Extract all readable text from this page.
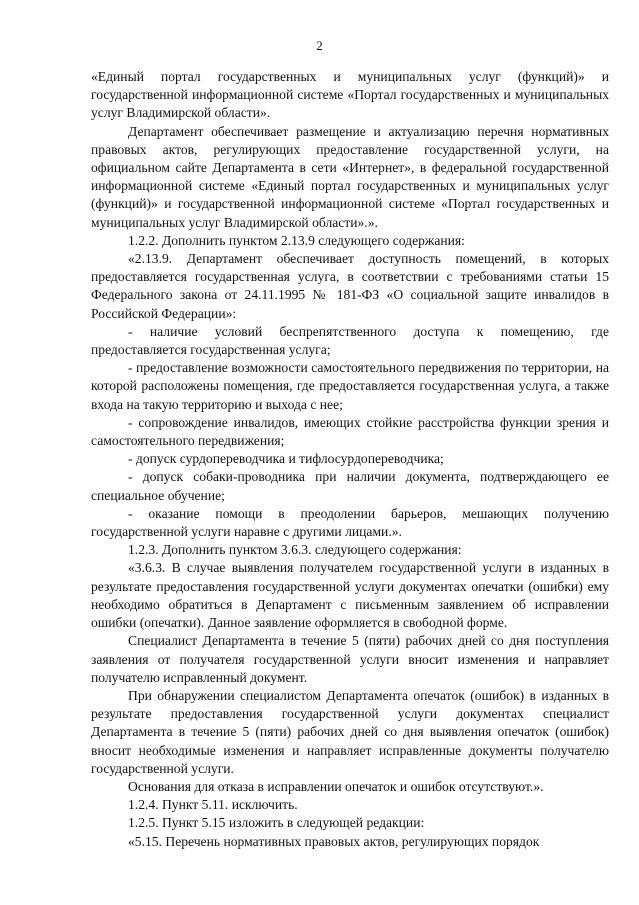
2

«Единый портал государственных и муниципальных услуг (функций)» и государственной информационной системе «Портал государственных и муниципальных услуг Владимирской области».

Департамент обеспечивает размещение и актуализацию перечня нормативных правовых актов, регулирующих предоставление государственной услуги, на официальном сайте Департамента в сети «Интернет», в федеральной государственной информационной системе «Единый портал государственных и муниципальных услуг (функций)» и государственной информационной системе «Портал государственных и муниципальных услуг Владимирской области».».

1.2.2. Дополнить пунктом 2.13.9 следующего содержания:

«2.13.9. Департамент обеспечивает доступность помещений, в которых предоставляется государственная услуга, в соответствии с требованиями статьи 15 Федерального закона от 24.11.1995 № 181-ФЗ «О социальной защите инвалидов в Российской Федерации»:

- наличие условий беспрепятственного доступа к помещению, где предоставляется государственная услуга;

- предоставление возможности самостоятельного передвижения по территории, на которой расположены помещения, где предоставляется государственная услуга, а также входа на такую территорию и выхода с нее;

- сопровождение инвалидов, имеющих стойкие расстройства функции зрения и самостоятельного передвижения;

- допуск сурдопереводчика и тифлосурдопереводчика;

- допуск собаки-проводника при наличии документа, подтверждающего ее специальное обучение;

- оказание помощи в преодолении барьеров, мешающих получению государственной услуги наравне с другими лицами.».

1.2.3. Дополнить пунктом 3.6.3. следующего содержания:

«3.6.3. В случае выявления получателем государственной услуги в изданных в результате предоставления государственной услуги документах опечатки (ошибки) ему необходимо обратиться в Департамент с письменным заявлением об исправлении ошибки (опечатки). Данное заявление оформляется в свободной форме.

Специалист Департамента в течение 5 (пяти) рабочих дней со дня поступления заявления от получателя государственной услуги вносит изменения и направляет получателю исправленный документ.

При обнаружении специалистом Департамента опечаток (ошибок) в изданных в результате предоставления государственной услуги документах специалист Департамента в течение 5 (пяти) рабочих дней со дня выявления опечаток (ошибок) вносит необходимые изменения и направляет исправленные документы получателю государственной услуги.

Основания для отказа в исправлении опечаток и ошибок отсутствуют.».

1.2.4. Пункт 5.11. исключить.

1.2.5. Пункт 5.15 изложить в следующей редакции:

«5.15. Перечень нормативных правовых актов, регулирующих порядок
